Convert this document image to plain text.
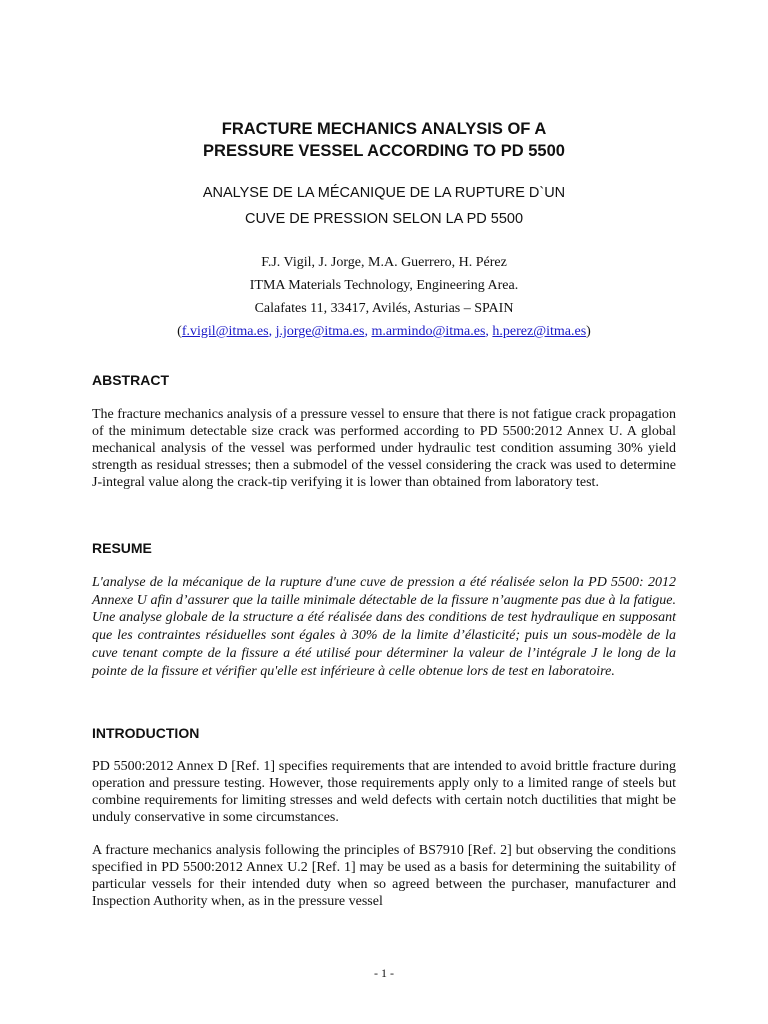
FRACTURE MECHANICS ANALYSIS OF A
PRESSURE VESSEL ACCORDING TO PD 5500
ANALYSE DE LA MÉCANIQUE DE LA RUPTURE D`UN
CUVE DE PRESSION SELON LA PD 5500
F.J. Vigil, J. Jorge, M.A. Guerrero, H. Pérez
ITMA Materials Technology, Engineering Area.
Calafates 11, 33417, Avilés, Asturias – SPAIN
(f.vigil@itma.es, j.jorge@itma.es, m.armindo@itma.es, h.perez@itma.es)
ABSTRACT

The fracture mechanics analysis of a pressure vessel to ensure that there is not fatigue crack propagation of the minimum detectable size crack was performed according to PD 5500:2012 Annex U. A global mechanical analysis of the vessel was performed under hydraulic test condition assuming 30% yield strength as residual stresses; then a submodel of the vessel considering the crack was used to determine J-integral value along the crack-tip verifying it is lower than obtained from laboratory test.

RESUME

L'analyse de la mécanique de la rupture d'une cuve de pression a été réalisée selon la PD 5500: 2012 Annexe U afin d’assurer que la taille minimale détectable de la fissure n’augmente pas due à la fatigue. Une analyse globale de la structure a été réalisée dans des conditions de test hydraulique en supposant que les contraintes résiduelles sont égales à 30% de la limite d’élasticité; puis un sous-modèle de la cuve tenant compte de la fissure a été utilisé pour déterminer la valeur de l’intégrale J le long de la pointe de la fissure et vérifier qu'elle est inférieure à celle obtenue lors de test en laboratoire.

INTRODUCTION

PD 5500:2012 Annex D [Ref. 1] specifies requirements that are intended to avoid brittle fracture during operation and pressure testing. However, those requirements apply only to a limited range of steels but combine requirements for limiting stresses and weld defects with certain notch ductilities that might be unduly conservative in some circumstances.

A fracture mechanics analysis following the principles of BS7910 [Ref. 2] but observing the conditions specified in PD 5500:2012 Annex U.2 [Ref. 1] may be used as a basis for determining the suitability of particular vessels for their intended duty when so agreed between the purchaser, manufacturer and Inspection Authority when, as in the pressure vessel

- 1 -
